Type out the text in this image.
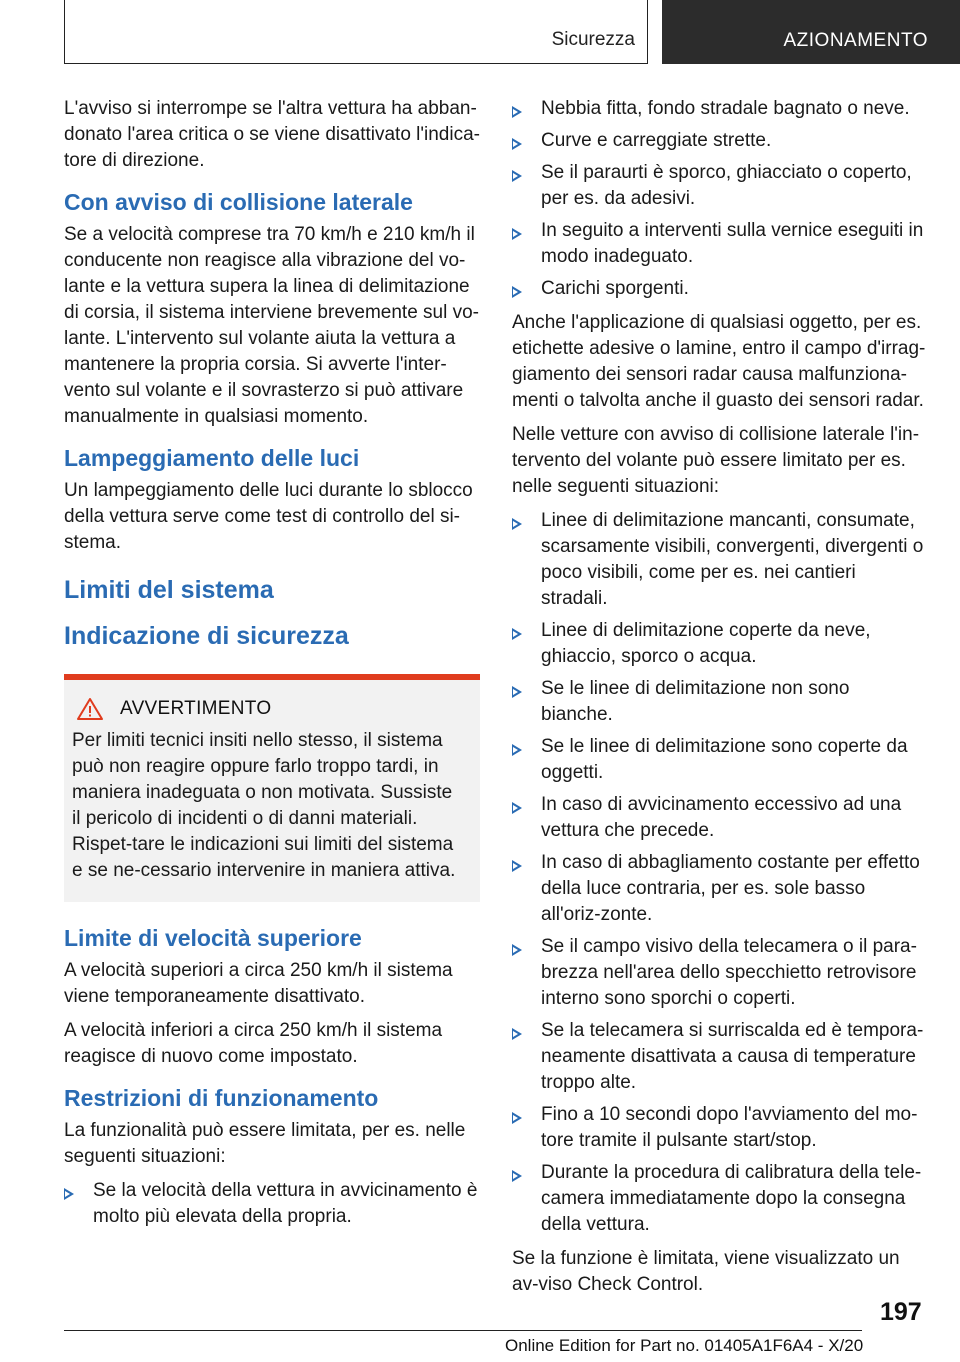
Sicurezza	AZIONAMENTO

L'avviso si interrompe se l'altra vettura ha abban-donato l'area critica o se viene disattivato l'indica-tore di direzione.

Con avviso di collisione laterale

Se a velocità comprese tra 70 km/h e 210 km/h il conducente non reagisce alla vibrazione del vo-lante e la vettura supera la linea di delimitazione di corsia, il sistema interviene brevemente sul vo-lante. L'intervento sul volante aiuta la vettura a mantenere la propria corsia. Si avverte l'inter-vento sul volante e il sovrasterzo si può attivare manualmente in qualsiasi momento.

Lampeggiamento delle luci

Un lampeggiamento delle luci durante lo sblocco della vettura serve come test di controllo del si-stema.

Limiti del sistema
Indicazione di sicurezza
AVVERTIMENTO

Per limiti tecnici insiti nello stesso, il sistema può non reagire oppure farlo troppo tardi, in maniera inadeguata o non motivata. Sussiste il pericolo di incidenti o di danni materiali. Rispet-tare le indicazioni sui limiti del sistema e se ne-cessario intervenire in maniera attiva.

Limite di velocità superiore

A velocità superiori a circa 250 km/h il sistema viene temporaneamente disattivato.

A velocità inferiori a circa 250 km/h il sistema reagisce di nuovo come impostato.

Restrizioni di funzionamento

La funzionalità può essere limitata, per es. nelle seguenti situazioni:

Se la velocità della vettura in avvicinamento è molto più elevata della propria.
Nebbia fitta, fondo stradale bagnato o neve.
Curve e carreggiate strette.
Se il paraurti è sporco, ghiacciato o coperto, per es. da adesivi.
In seguito a interventi sulla vernice eseguiti in modo inadeguato.
Carichi sporgenti.

Anche l'applicazione di qualsiasi oggetto, per es. etichette adesive o lamine, entro il campo d'irrag-giamento dei sensori radar causa malfunziona-menti o talvolta anche il guasto dei sensori radar.

Nelle vetture con avviso di collisione laterale l'in-tervento del volante può essere limitato per es. nelle seguenti situazioni:

Linee di delimitazione mancanti, consumate, scarsamente visibili, convergenti, divergenti o poco visibili, come per es. nei cantieri stradali.
Linee di delimitazione coperte da neve, ghiaccio, sporco o acqua.
Se le linee di delimitazione non sono bianche.
Se le linee di delimitazione sono coperte da oggetti.
In caso di avvicinamento eccessivo ad una vettura che precede.
In caso di abbagliamento costante per effetto della luce contraria, per es. sole basso all'oriz-zonte.
Se il campo visivo della telecamera o il para-brezza nell'area dello specchietto retrovisore interno sono sporchi o coperti.
Se la telecamera si surriscalda ed è tempora-neamente disattivata a causa di temperature troppo alte.
Fino a 10 secondi dopo l'avviamento del mo-tore tramite il pulsante start/stop.
Durante la procedura di calibratura della tele-camera immediatamente dopo la consegna della vettura.

Se la funzione è limitata, viene visualizzato un av-viso Check Control.

197
Online Edition for Part no. 01405A1F6A4 - X/20
